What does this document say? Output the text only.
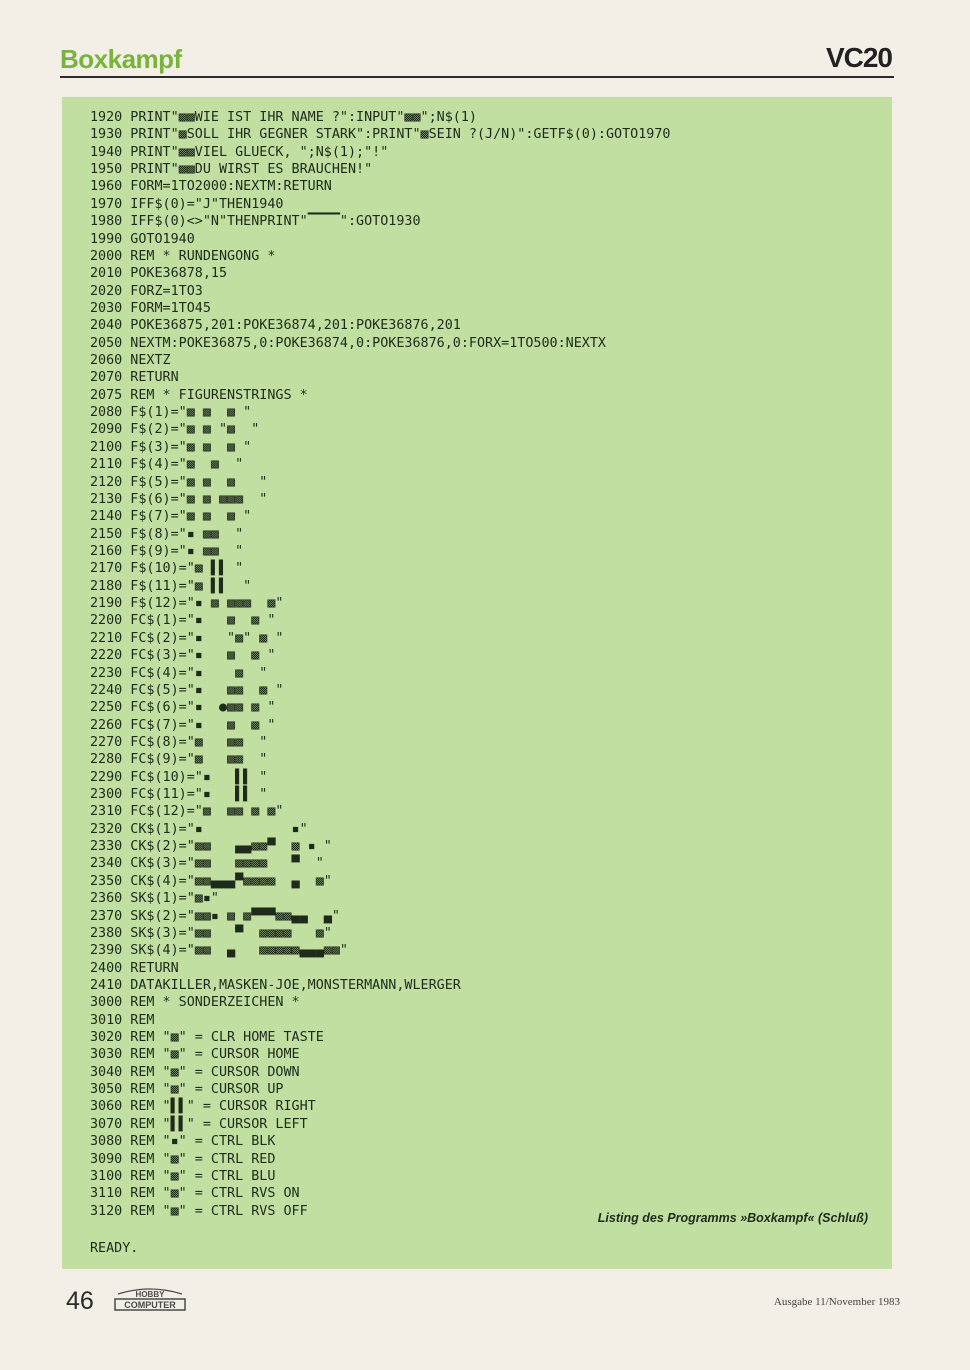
Boxkampf	VC20
1920 PRINT"▩▩WIE IST IHR NAME ?":INPUT"▩▩";N$(1)
1930 PRINT"▩SOLL IHR GEGNER STARK":PRINT"▩SEIN ?(J/N)":GETF$(0):GOTO1970
1940 PRINT"▩▩VIEL GLUECK, ";N$(1);"!"
1950 PRINT"▩▩DU WIRST ES BRAUCHEN!"
1960 FORM=1TO2000:NEXTM:RETURN
1970 IFF$(0)="J"THEN1940
1980 IFF$(0)<>"N"THENPRINT"▔▔▔▔":GOTO1930
1990 GOTO1940
2000 REM * RUNDENGONG *
2010 POKE36878,15
2020 FORZ=1TO3
2030 FORM=1TO45
2040 POKE36875,201:POKE36874,201:POKE36876,201
2050 NEXTM:POKE36875,0:POKE36874,0:POKE36876,0:FORX=1TO500:NEXTX
2060 NEXTZ
2070 RETURN
2075 REM * FIGURENSTRINGS *
2080 F$(1)="▩ ▩  ▩ "
2090 F$(2)="▩ ▩ "▩  "
2100 F$(3)="▩ ▩  ▩ "
2110 F$(4)="▩  ▩  "
2120 F$(5)="▩ ▩  ▩   "
2130 F$(6)="▩ ▩ ▩▩▩  "
2140 F$(7)="▩ ▩  ▩ "
2150 F$(8)="▪ ▩▩  "
2160 F$(9)="▪ ▩▩  "
2170 F$(10)="▩ ▌▌ "
2180 F$(11)="▩ ▌▌  "
2190 F$(12)="▪ ▩ ▩▩▩  ▩"
2200 FC$(1)="▪   ▩  ▩ "
2210 FC$(2)="▪   "▩" ▩ "
2220 FC$(3)="▪   ▩  ▩ "
2230 FC$(4)="▪    ▩  "
2240 FC$(5)="▪   ▩▩  ▩ "
2250 FC$(6)="▪  ●▩▩ ▩ "
2260 FC$(7)="▪   ▩  ▩ "
2270 FC$(8)="▩   ▩▩  "
2280 FC$(9)="▩   ▩▩  "
2290 FC$(10)="▪   ▌▌ "
2300 FC$(11)="▪   ▌▌ "
2310 FC$(12)="▩  ▩▩ ▩ ▩"
2320 CK$(1)="▪           ▪"
2330 CK$(2)="▩▩   ▄▄▩▩▀  ▩ ▪ "
2340 CK$(3)="▩▩   ▩▩▩▩   ▀  "
2350 CK$(4)="▩▩▄▄▄▀▩▩▩▩  ▄  ▩"
2360 SK$(1)="▩▪"
2370 SK$(2)="▩▩▪ ▩ ▩▀▀▀▩▩▄▄  ▄"
2380 SK$(3)="▩▩   ▀  ▩▩▩▩   ▩"
2390 SK$(4)="▩▩  ▄   ▩▩▩▩▩▄▄▄▩▩"
2400 RETURN
2410 DATAKILLER,MASKEN-JOE,MONSTERMANN,WLERGER
3000 REM * SONDERZEICHEN *
3010 REM
3020 REM "▩" = CLR HOME TASTE
3030 REM "▩" = CURSOR HOME
3040 REM "▩" = CURSOR DOWN
3050 REM "▩" = CURSOR UP
3060 REM "▌▌" = CURSOR RIGHT
3070 REM "▌▌" = CURSOR LEFT
3080 REM "▪" = CTRL BLK
3090 REM "▩" = CTRL RED
3100 REM "▩" = CTRL BLU
3110 REM "▩" = CTRL RVS ON
3120 REM "▩" = CTRL RVS OFF	Listing des Programms »Boxkampf« (Schluß)
READY.
46	HOBBY
COMPUTER	Ausgabe 11/November 1983
